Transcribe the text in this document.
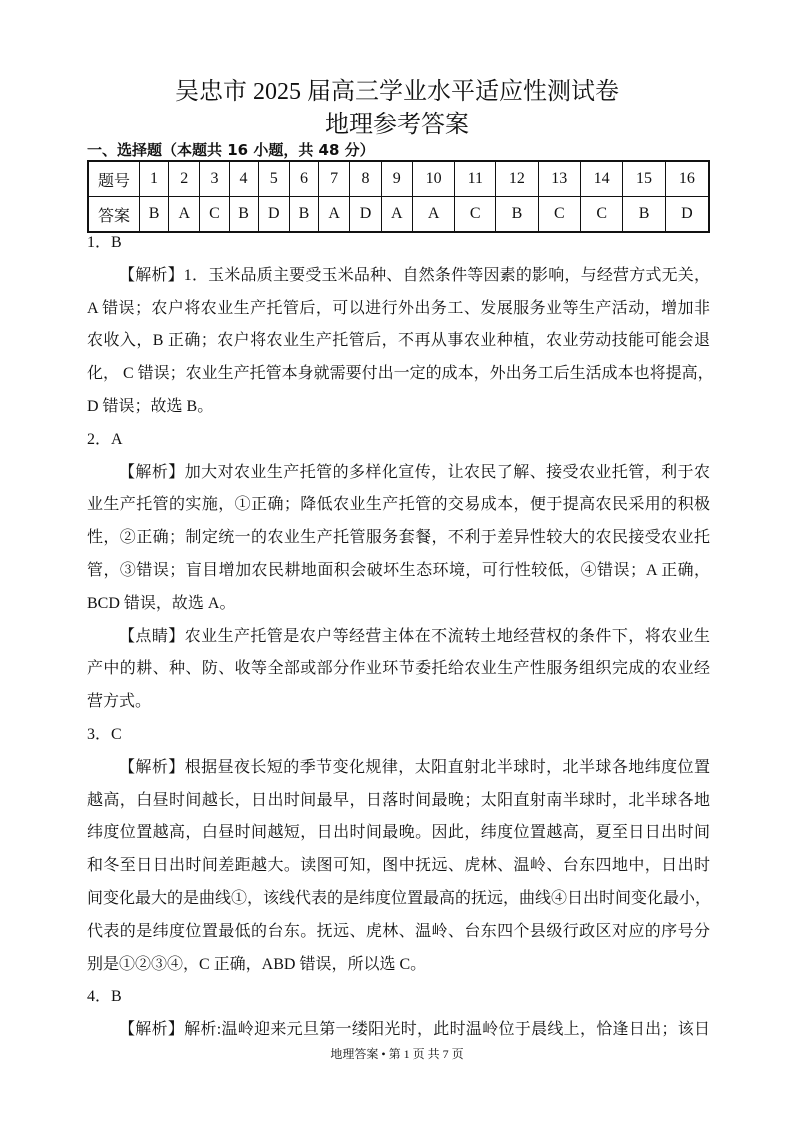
吴忠市 2025 届高三学业水平适应性测试卷
地理参考答案
一、选择题（本题共 16 小题，共 48 分）
题号	1	2	3	4	5	6	7	8	9	10	11	12	13	14	15	16
答案	B	A	C	B	D	B	A	D	A	A	C	B	C	C	B	D
1．B
【解析】1．玉米品质主要受玉米品种、自然条件等因素的影响，与经营方式无关，
A 错误；农户将农业生产托管后，可以进行外出务工、发展服务业等生产活动，增加非
农收入，B 正确；农户将农业生产托管后，不再从事农业种植，农业劳动技能可能会退
化， C 错误；农业生产托管本身就需要付出一定的成本，外出务工后生活成本也将提高，
D 错误；故选 B。
2．A
【解析】加大对农业生产托管的多样化宣传，让农民了解、接受农业托管，利于农
业生产托管的实施，①正确；降低农业生产托管的交易成本，便于提高农民采用的积极
性，②正确；制定统一的农业生产托管服务套餐，不利于差异性较大的农民接受农业托
管，③错误；盲目增加农民耕地面积会破坏生态环境，可行性较低，④错误；A 正确，
BCD 错误，故选 A。
【点睛】农业生产托管是农户等经营主体在不流转土地经营权的条件下，将农业生
产中的耕、种、防、收等全部或部分作业环节委托给农业生产性服务组织完成的农业经
营方式。
3．C
【解析】根据昼夜长短的季节变化规律，太阳直射北半球时，北半球各地纬度位置
越高，白昼时间越长，日出时间最早，日落时间最晚；太阳直射南半球时，北半球各地
纬度位置越高，白昼时间越短，日出时间最晚。因此，纬度位置越高，夏至日日出时间
和冬至日日出时间差距越大。读图可知，图中抚远、虎林、温岭、台东四地中，日出时
间变化最大的是曲线①，该线代表的是纬度位置最高的抚远，曲线④日出时间变化最小，
代表的是纬度位置最低的台东。抚远、虎林、温岭、台东四个县级行政区对应的序号分
别是①②③④，C 正确，ABD 错误，所以选 C。
4．B
【解析】解析:温岭迎来元旦第一缕阳光时，此时温岭位于晨线上，恰逢日出；该日
地理答案 • 第 1 页 共 7 页
